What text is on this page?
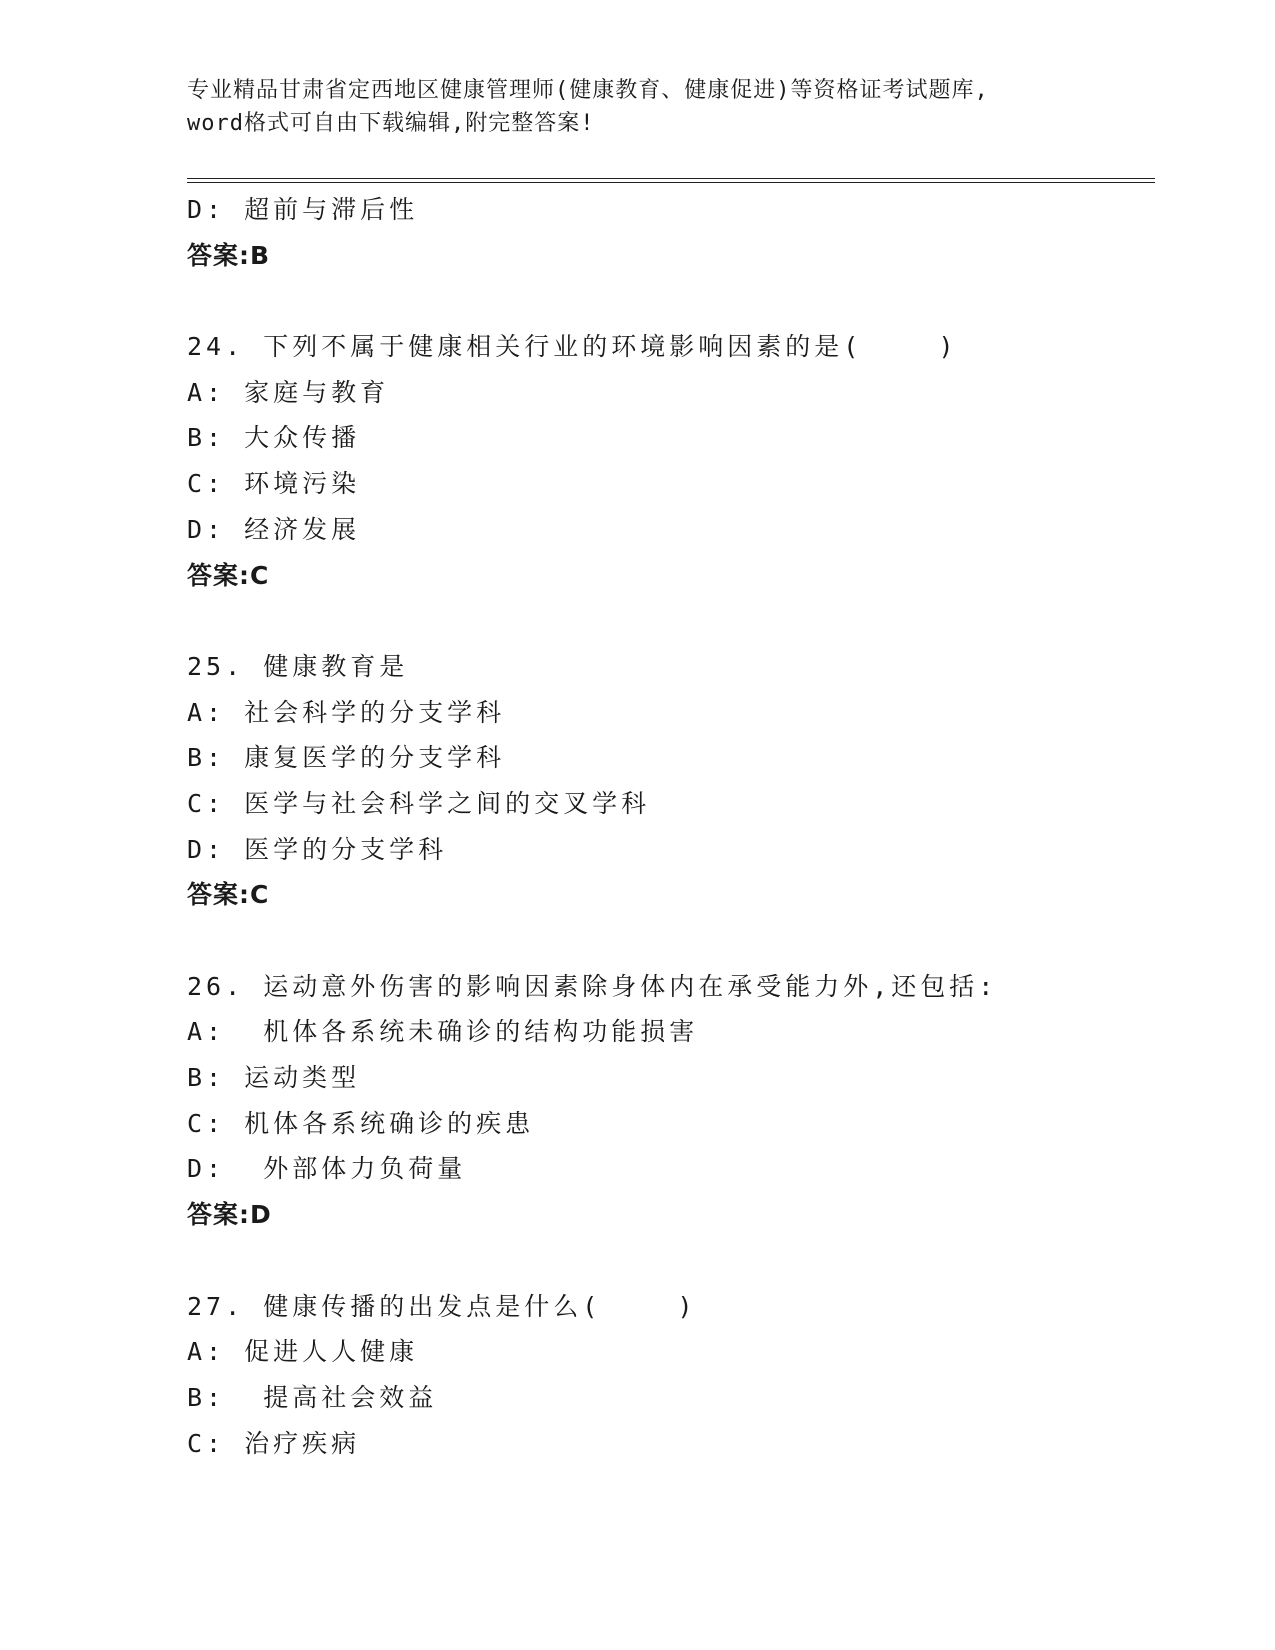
专业精品甘肃省定西地区健康管理师(健康教育、健康促进)等资格证考试题库,
word格式可自由下载编辑,附完整答案!
D: 超前与滞后性
答案:B
24. 下列不属于健康相关行业的环境影响因素的是(    )
A: 家庭与教育
B: 大众传播
C: 环境污染
D: 经济发展
答案:C
25. 健康教育是
A: 社会科学的分支学科
B: 康复医学的分支学科
C: 医学与社会科学之间的交叉学科
D: 医学的分支学科
答案:C
26. 运动意外伤害的影响因素除身体内在承受能力外,还包括:
A:  机体各系统未确诊的结构功能损害
B: 运动类型
C: 机体各系统确诊的疾患
D:  外部体力负荷量
答案:D
27. 健康传播的出发点是什么(    )
A: 促进人人健康
B:  提高社会效益
C: 治疗疾病
